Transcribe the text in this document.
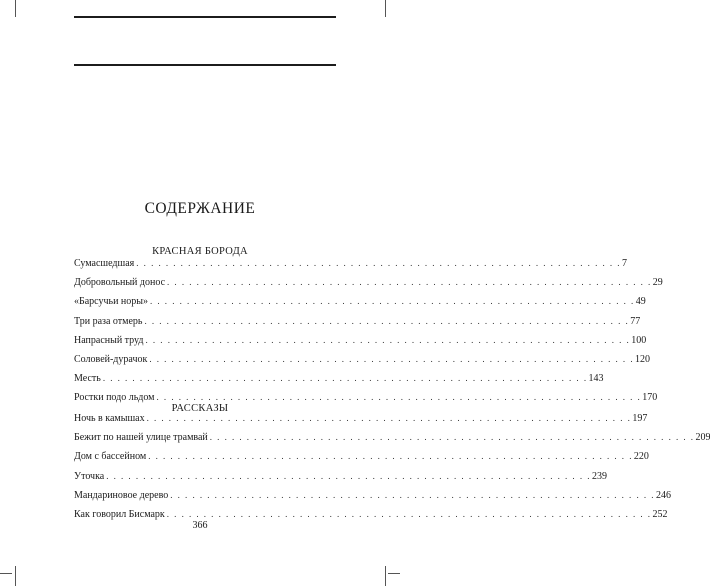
СОДЕРЖАНИЕ
КРАСНАЯ БОРОДА
Сумасшедшая . . . . . . . . . . . . . . . . . . . . . . . . . . . . . . . . . . . . . . . . . . . . . . . . . . . . . . . . . . . . . . . . . . 7
Добровольный донос . . . . . . . . . . . . . . . . . . . . . . . . . . . . . . . . . . . . . . . . . . . . . . . . . . . . . . . . . . . . . . . . . . 29
«Барсучьи норы» . . . . . . . . . . . . . . . . . . . . . . . . . . . . . . . . . . . . . . . . . . . . . . . . . . . . . . . . . . . . . . . . . . 49
Три раза отмерь . . . . . . . . . . . . . . . . . . . . . . . . . . . . . . . . . . . . . . . . . . . . . . . . . . . . . . . . . . . . . . . . . . 77
Напрасный труд . . . . . . . . . . . . . . . . . . . . . . . . . . . . . . . . . . . . . . . . . . . . . . . . . . . . . . . . . . . . . . . . . . 100
Соловей-дурачок . . . . . . . . . . . . . . . . . . . . . . . . . . . . . . . . . . . . . . . . . . . . . . . . . . . . . . . . . . . . . . . . . . 120
Месть . . . . . . . . . . . . . . . . . . . . . . . . . . . . . . . . . . . . . . . . . . . . . . . . . . . . . . . . . . . . . . . . . . 143
Ростки подо льдом . . . . . . . . . . . . . . . . . . . . . . . . . . . . . . . . . . . . . . . . . . . . . . . . . . . . . . . . . . . . . . . . . . 170
РАССКАЗЫ
Ночь в камышах . . . . . . . . . . . . . . . . . . . . . . . . . . . . . . . . . . . . . . . . . . . . . . . . . . . . . . . . . . . . . . . . . . 197
Бежит по нашей улице трамвай . . . . . . . . . . . . . . . . . . . . . . . . . . . . . . . . . . . . . . . . . . . . . . . . . . . . . . . . . . . . . . . . . . 209
Дом с бассейном . . . . . . . . . . . . . . . . . . . . . . . . . . . . . . . . . . . . . . . . . . . . . . . . . . . . . . . . . . . . . . . . . . 220
Уточка . . . . . . . . . . . . . . . . . . . . . . . . . . . . . . . . . . . . . . . . . . . . . . . . . . . . . . . . . . . . . . . . . . 239
Мандариновое дерево . . . . . . . . . . . . . . . . . . . . . . . . . . . . . . . . . . . . . . . . . . . . . . . . . . . . . . . . . . . . . . . . . . 246
Как говорил Бисмарк . . . . . . . . . . . . . . . . . . . . . . . . . . . . . . . . . . . . . . . . . . . . . . . . . . . . . . . . . . . . . . . . . . 252
366
